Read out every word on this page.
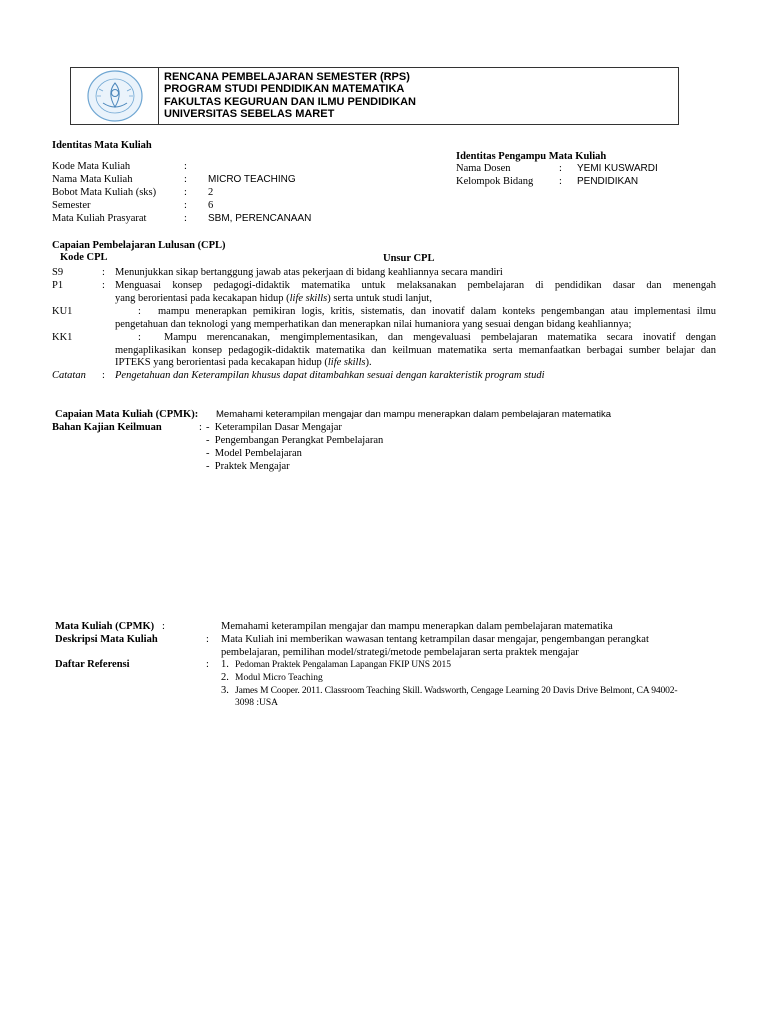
RENCANA PEMBELAJARAN SEMESTER (RPS)
PROGRAM STUDI PENDIDIKAN MATEMATIKA
FAKULTAS KEGURUAN DAN ILMU PENDIDIKAN
UNIVERSITAS SEBELAS MARET
Identitas Mata Kuliah
Kode Mata Kuliah	:
Nama Mata Kuliah	: MICRO TEACHING
Bobot Mata Kuliah (sks)	: 2
Semester	: 6
Mata Kuliah Prasyarat	: SBM, PERENCANAAN
Identitas Pengampu Mata Kuliah
Nama Dosen	: YEMI KUSWARDI
Kelompok Bidang : PENDIDIKAN
Capaian Pembelajaran Lulusan (CPL)
Kode CPL	Unsur CPL
S9	: Menunjukkan sikap bertanggung jawab atas pekerjaan di bidang keahliannya secara mandiri
P1	: Menguasai konsep pedagogi-didaktik matematika untuk melaksanakan pembelajaran di pendidikan dasar dan menengah
yang berorientasi pada kecakapan hidup (life skills) serta untuk studi lanjut,
KU1	: mampu menerapkan pemikiran logis, kritis, sistematis, dan inovatif dalam konteks pengembangan atau implementasi ilmu
pengetahuan dan teknologi yang memperhatikan dan menerapkan nilai humaniora yang sesuai dengan bidang keahliannya;
KK1	: Mampu merencanakan, mengimplementasikan, dan mengevaluasi pembelajaran matematika secara inovatif dengan
mengaplikasikan konsep pedagogik-didaktik matematika dan keilmuan matematika serta memanfaatkan berbagai sumber belajar dan
IPTEKS yang berorientasi pada kecakapan hidup (life skills).
Catatan : Pengetahuan dan Keterampilan khusus dapat ditambahkan sesuai dengan karakteristik program studi
Capaian Mata Kuliah (CPMK): Memahami keterampilan mengajar dan mampu menerapkan dalam pembelajaran matematika
Bahan Kajian Keilmuan	: -  Keterampilan Dasar Mengajar
-  Pengembangan Perangkat Pembelajaran
-  Model Pembelajaran
-  Praktek Mengajar
Mata Kuliah (CPMK) :	Memahami keterampilan mengajar dan mampu menerapkan dalam pembelajaran matematika
Deskripsi Mata Kuliah	: Mata Kuliah ini memberikan wawasan tentang ketrampilan dasar mengajar, pengembangan perangkat
pembelajaran, pemilihan model/strategi/metode pembelajaran serta praktek mengajar
Daftar Referensi	: 1. Pedoman Praktek Pengalaman Lapangan FKIP UNS 2015
2. Modul Micro Teaching
3. James M Cooper. 2011. Classroom Teaching Skill. Wadsworth, Cengage Learning 20 Davis Drive Belmont, CA 94002-
3098 :USA
